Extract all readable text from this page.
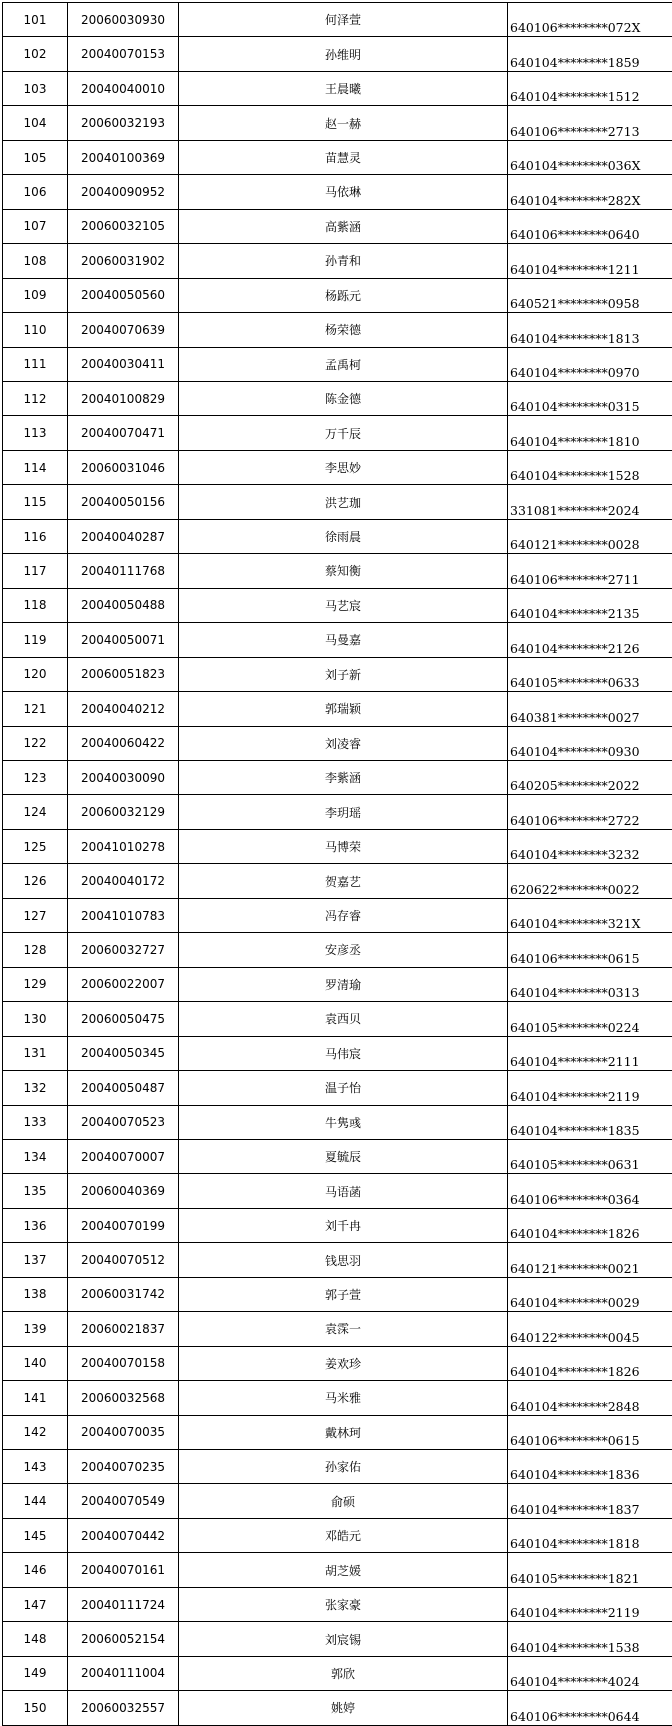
101	20060030930	何泽萱	640106********072X
102	20040070153	孙维明	640104********1859
103	20040040010	王晨曦	640104********1512
104	20060032193	赵一赫	640106********2713
105	20040100369	苗慧灵	640104********036X
106	20040090952	马依琳	640104********282X
107	20060032105	高紫涵	640106********0640
108	20060031902	孙青和	640104********1211
109	20040050560	杨跞元	640521********0958
110	20040070639	杨荣德	640104********1813
111	20040030411	孟禹柯	640104********0970
112	20040100829	陈金德	640104********0315
113	20040070471	万千辰	640104********1810
114	20060031046	李思妙	640104********1528
115	20040050156	洪艺珈	331081********2024
116	20040040287	徐雨晨	640121********0028
117	20040111768	蔡知衡	640106********2711
118	20040050488	马艺宸	640104********2135
119	20040050071	马曼嘉	640104********2126
120	20060051823	刘子新	640105********0633
121	20040040212	郭瑞颖	640381********0027
122	20040060422	刘凌睿	640104********0930
123	20040030090	李紫涵	640205********2022
124	20060032129	李玥瑶	640106********2722
125	20041010278	马博荣	640104********3232
126	20040040172	贺嘉艺	620622********0022
127	20041010783	冯存睿	640104********321X
128	20060032727	安彦丞	640106********0615
129	20060022007	罗清瑜	640104********0313
130	20060050475	袁西贝	640105********0224
131	20040050345	马伟宸	640104********2111
132	20040050487	温子怡	640104********2119
133	20040070523	牛隽彧	640104********1835
134	20040070007	夏毓辰	640105********0631
135	20060040369	马语菡	640106********0364
136	20040070199	刘千冉	640104********1826
137	20040070512	钱思羽	640121********0021
138	20060031742	郭子萱	640104********0029
139	20060021837	袁霂一	640122********0045
140	20040070158	姜欢珍	640104********1826
141	20060032568	马米雅	640104********2848
142	20040070035	戴林珂	640106********0615
143	20040070235	孙家佑	640104********1836
144	20040070549	俞硕	640104********1837
145	20040070442	邓皓元	640104********1818
146	20040070161	胡芝媛	640105********1821
147	20040111724	张家豪	640104********2119
148	20060052154	刘宸锡	640104********1538
149	20040111004	郭欣	640104********4024
150	20060032557	姚婷	640106********0644
